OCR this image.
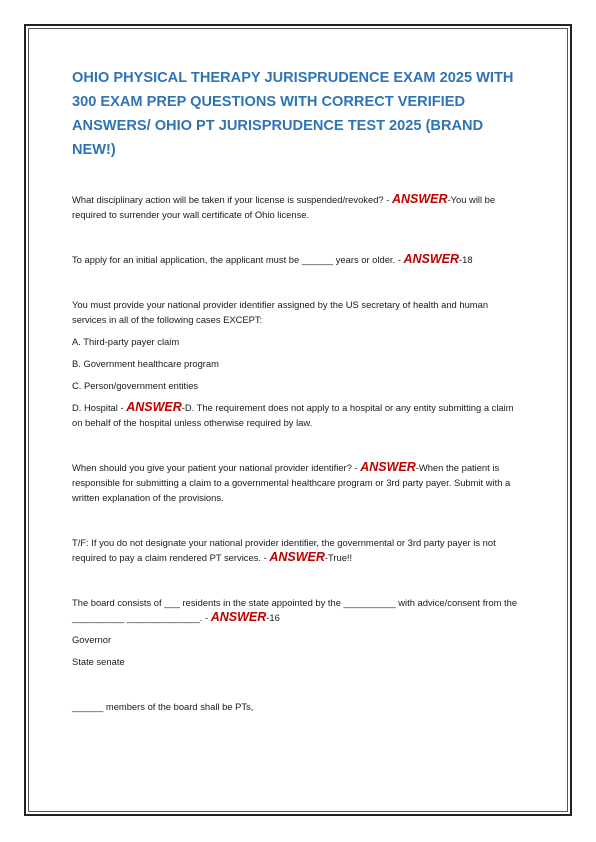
OHIO PHYSICAL THERAPY JURISPRUDENCE EXAM 2025 WITH 300 EXAM PREP QUESTIONS WITH CORRECT VERIFIED ANSWERS/ OHIO PT JURISPRUDENCE TEST 2025 (BRAND NEW!)

What disciplinary action will be taken if your license is suspended/revoked? - ANSWER-You will be required to surrender your wall certificate of Ohio license.

To apply for an initial application, the applicant must be ______ years or older. - ANSWER-18

You must provide your national provider identifier assigned by the US secretary of health and human services in all of the following cases EXCEPT:

A. Third-party payer claim

B. Government healthcare program

C. Person/government entities

D. Hospital - ANSWER-D. The requirement does not apply to a hospital or any entity submitting a claim on behalf of the hospital unless otherwise required by law.

When should you give your patient your national provider identifier? - ANSWER-When the patient is responsible for submitting a claim to a governmental healthcare program or 3rd party payer. Submit with a written explanation of the provisions.

T/F: If you do not designate your national provider identifier, the governmental or 3rd party payer is not required to pay a claim rendered PT services. - ANSWER-True!!

The board consists of ___ residents in the state appointed by the __________ with advice/consent from the __________ ______________. - ANSWER-16

Governor

State senate

______ members of the board shall be PTs,
